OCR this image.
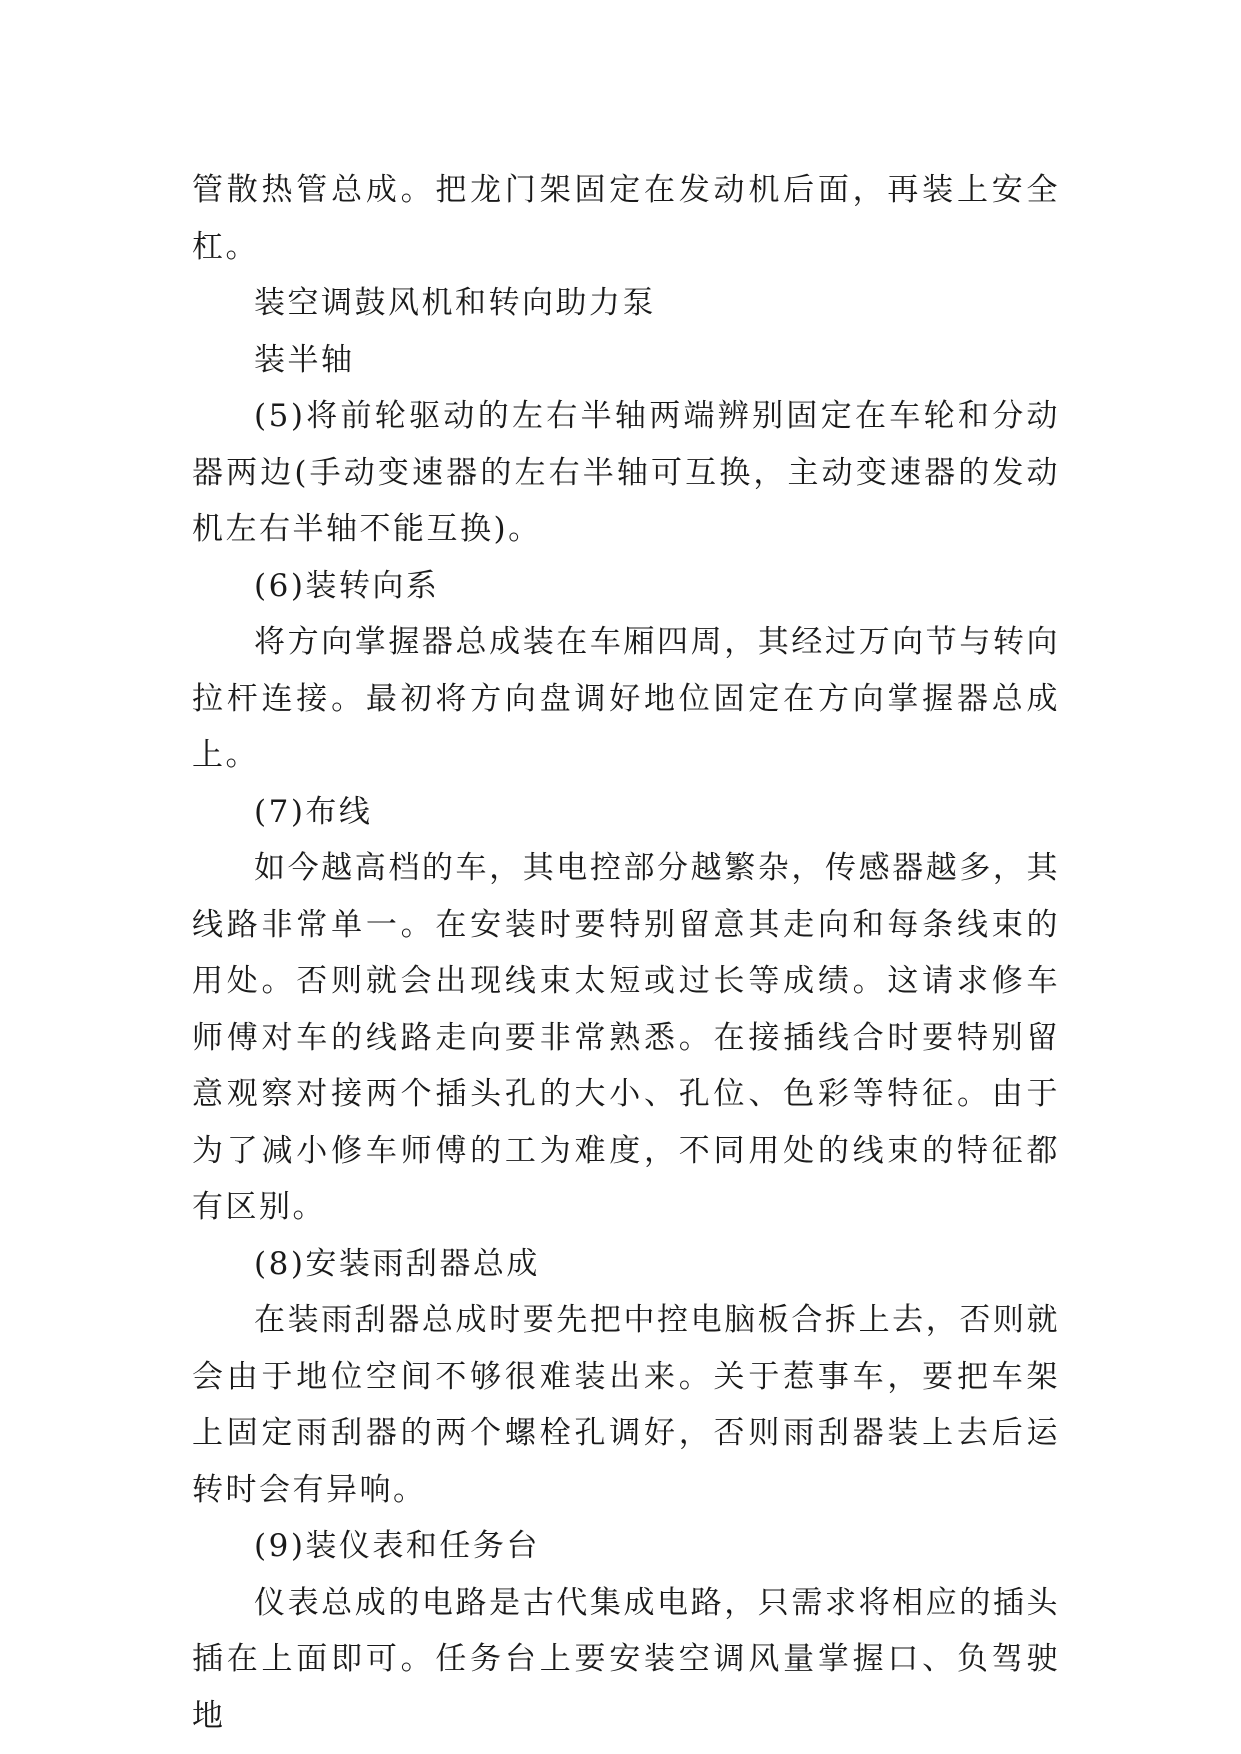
管散热管总成。把龙门架固定在发动机后面，再装上安全杠。

装空调鼓风机和转向助力泵

装半轴

(5)将前轮驱动的左右半轴两端辨别固定在车轮和分动器两边(手动变速器的左右半轴可互换，主动变速器的发动机左右半轴不能互换)。

(6)装转向系

将方向掌握器总成装在车厢四周，其经过万向节与转向拉杆连接。最初将方向盘调好地位固定在方向掌握器总成上。

(7)布线

如今越高档的车，其电控部分越繁杂，传感器越多，其线路非常单一。在安装时要特别留意其走向和每条线束的用处。否则就会出现线束太短或过长等成绩。这请求修车师傅对车的线路走向要非常熟悉。在接插线合时要特别留意观察对接两个插头孔的大小、孔位、色彩等特征。由于为了减小修车师傅的工为难度，不同用处的线束的特征都有区别。

(8)安装雨刮器总成

在装雨刮器总成时要先把中控电脑板合拆上去，否则就会由于地位空间不够很难装出来。关于惹事车，要把车架上固定雨刮器的两个螺栓孔调好，否则雨刮器装上去后运转时会有异响。

(9)装仪表和任务台

仪表总成的电路是古代集成电路，只需求将相应的插头插在上面即可。任务台上要安装空调风量掌握口、负驾驶地
